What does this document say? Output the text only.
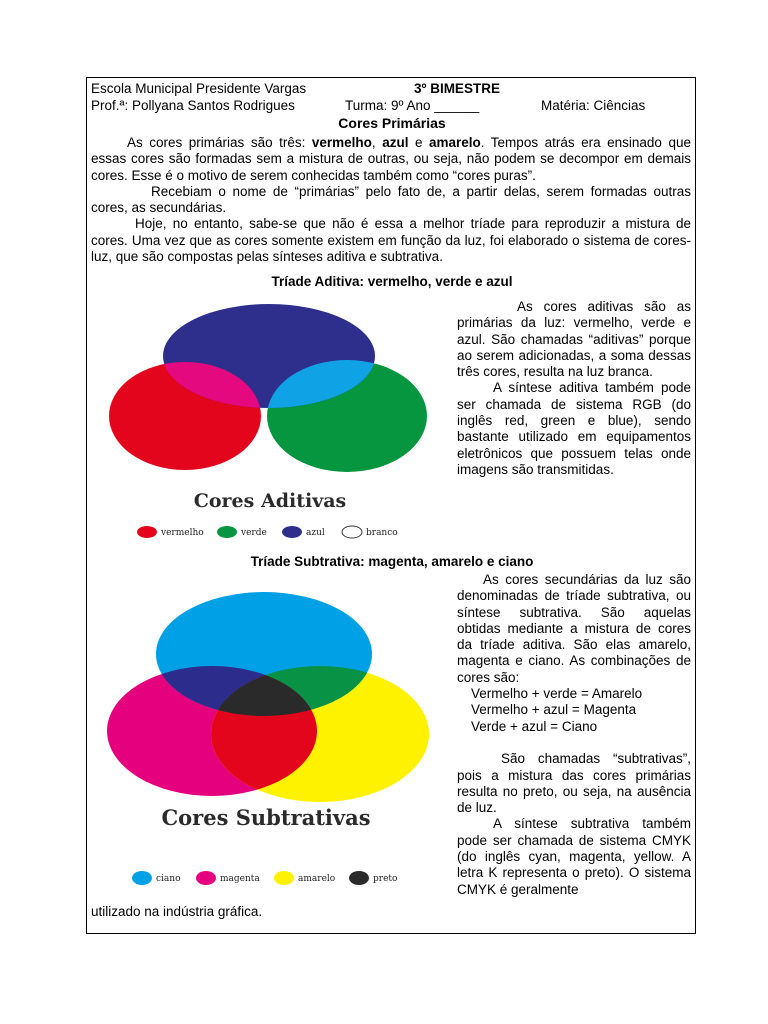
Escola Municipal Presidente Vargas	3º BIMESTRE
Prof.ª: Pollyana Santos Rodrigues	Turma: 9º Ano ______	Matéria: Ciências
Cores Primárias

As cores primárias são três: vermelho, azul e amarelo. Tempos atrás era ensinado que essas cores são formadas sem a mistura de outras, ou seja, não podem se decompor em demais cores. Esse é o motivo de serem conhecidas também como “cores puras”.

Recebiam o nome de “primárias” pelo fato de, a partir delas, serem formadas outras cores, as secundárias.

Hoje, no entanto, sabe-se que não é essa a melhor tríade para reproduzir a mistura de cores. Uma vez que as cores somente existem em função da luz, foi elaborado o sistema de cores-luz, que são compostas pelas sínteses aditiva e subtrativa.

Tríade Aditiva: vermelho, verde e azul
Cores Aditivas
vermelho	verde	azul	branco

As cores aditivas são as primárias da luz: vermelho, verde e azul. São chamadas “aditivas” porque ao serem adicionadas, a soma dessas três cores, resulta na luz branca.

A síntese aditiva também pode ser chamada de sistema RGB (do inglês red, green e blue), sendo bastante utilizado em equipamentos eletrônicos que possuem telas onde imagens são transmitidas.

Tríade Subtrativa: magenta, amarelo e ciano
Cores Subtrativas
ciano	magenta	amarelo	preto

As cores secundárias da luz são denominadas de tríade subtrativa, ou síntese subtrativa. São aquelas obtidas mediante a mistura de cores da tríade aditiva. São elas amarelo, magenta e ciano. As combinações de cores são:

Vermelho + verde = Amarelo

Vermelho + azul = Magenta

Verde + azul = Ciano

São chamadas “subtrativas”, pois a mistura das cores primárias resulta no preto, ou seja, na ausência de luz.

A síntese subtrativa também pode ser chamada de sistema CMYK (do inglês cyan, magenta, yellow. A letra K representa o preto). O sistema CMYK é geralmente

utilizado na indústria gráfica.
